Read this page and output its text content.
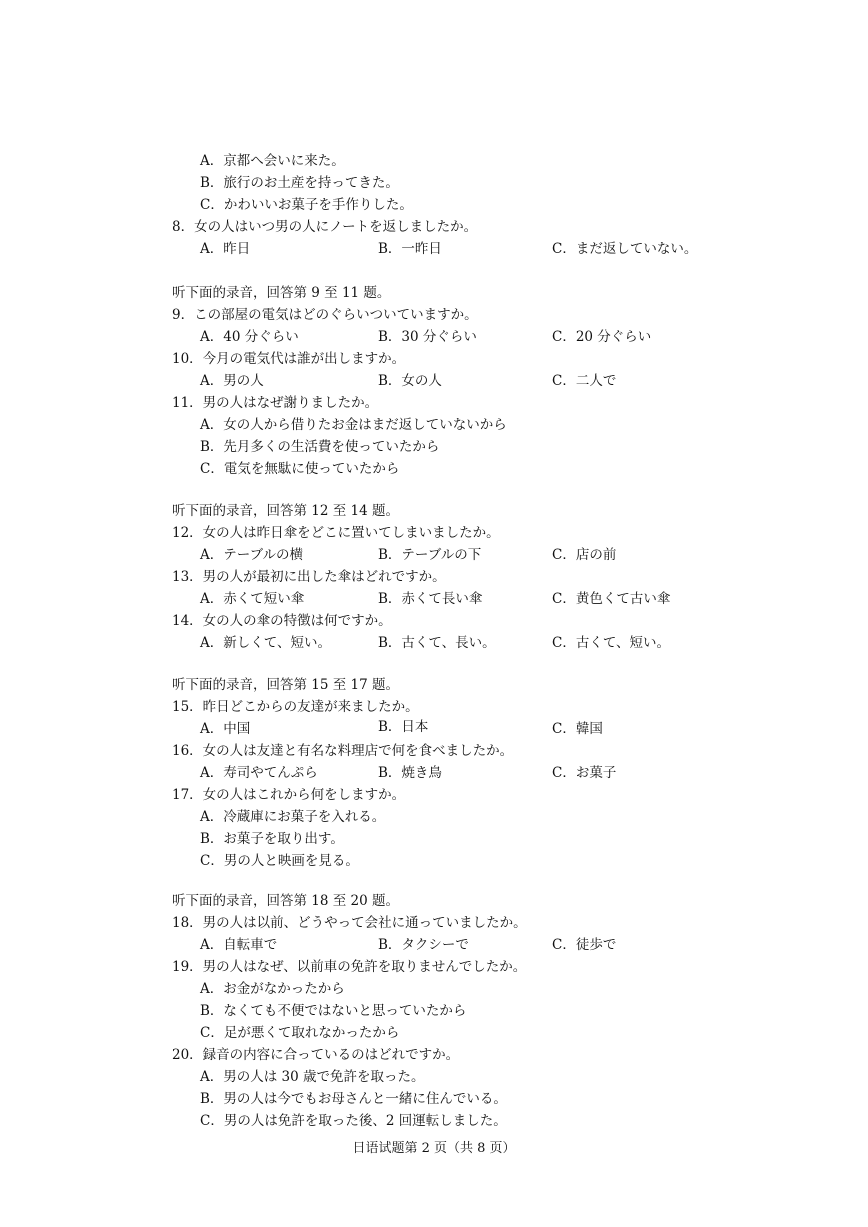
A．京都へ会いに来た。
B．旅行のお土産を持ってきた。
C．かわいいお菓子を手作りした。
8．女の人はいつ男の人にノートを返しましたか。
A．昨日	B．一昨日	C．まだ返していない。
听下面的录音，回答第 9 至 11 题。
9．この部屋の電気はどのぐらいついていますか。
A．40 分ぐらい	B．30 分ぐらい	C．20 分ぐらい
10．今月の電気代は誰が出しますか。
A．男の人	B．女の人	C．二人で
11．男の人はなぜ謝りましたか。
A．女の人から借りたお金はまだ返していないから
B．先月多くの生活費を使っていたから
C．電気を無駄に使っていたから
听下面的录音，回答第 12 至 14 题。
12．女の人は昨日傘をどこに置いてしまいましたか。
A．テーブルの横	B．テーブルの下	C．店の前
13．男の人が最初に出した傘はどれですか。
A．赤くて短い傘	B．赤くて長い傘	C．黄色くて古い傘
14．女の人の傘の特徴は何ですか。
A．新しくて、短い。	B．古くて、長い。	C．古くて、短い。
听下面的录音，回答第 15 至 17 题。
15．昨日どこからの友達が来ましたか。
A．中国	B．日本	C．韓国
16．女の人は友達と有名な料理店で何を食べましたか。
A．寿司やてんぷら	B．焼き鳥	C．お菓子
17．女の人はこれから何をしますか。
A．冷蔵庫にお菓子を入れる。
B．お菓子を取り出す。
C．男の人と映画を見る。
听下面的录音，回答第 18 至 20 题。
18．男の人は以前、どうやって会社に通っていましたか。
A．自転車で	B．タクシーで	C．徒歩で
19．男の人はなぜ、以前車の免許を取りませんでしたか。
A．お金がなかったから
B．なくても不便ではないと思っていたから
C．足が悪くて取れなかったから
20．録音の内容に合っているのはどれですか。
A．男の人は 30 歳で免許を取った。
B．男の人は今でもお母さんと一緒に住んでいる。
C．男の人は免許を取った後、2 回運転しました。
日语试题第 2 页（共 8 页）
